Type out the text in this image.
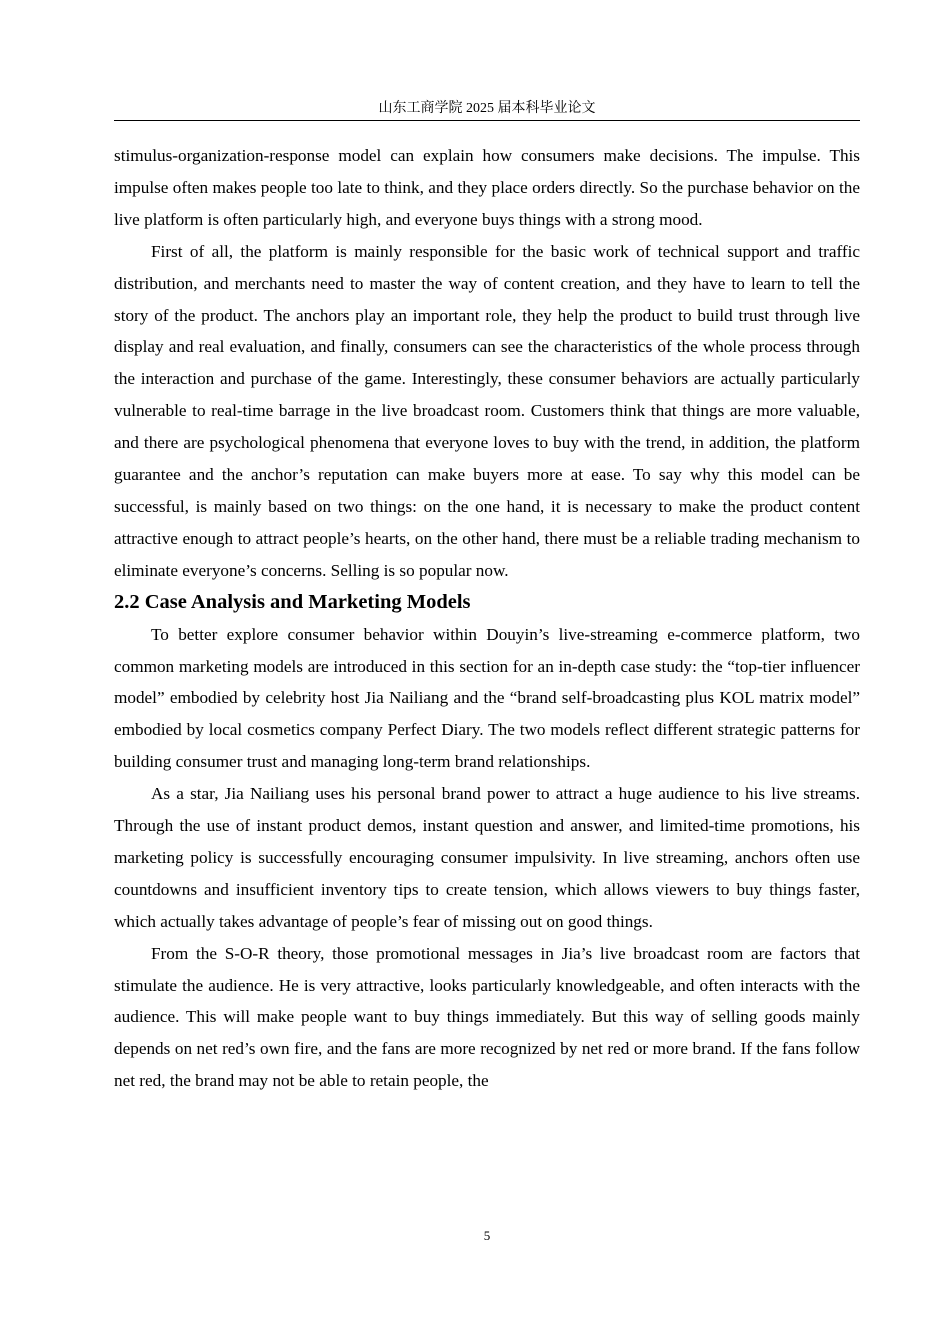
山东工商学院 2025 届本科毕业论文

stimulus-organization-response model can explain how consumers make decisions. The impulse. This impulse often makes people too late to think, and they place orders directly. So the purchase behavior on the live platform is often particularly high, and everyone buys things with a strong mood.

First of all, the platform is mainly responsible for the basic work of technical support and traffic distribution, and merchants need to master the way of content creation, and they have to learn to tell the story of the product. The anchors play an important role, they help the product to build trust through live display and real evaluation, and finally, consumers can see the characteristics of the whole process through the interaction and purchase of the game. Interestingly, these consumer behaviors are actually particularly vulnerable to real-time barrage in the live broadcast room. Customers think that things are more valuable, and there are psychological phenomena that everyone loves to buy with the trend, in addition, the platform guarantee and the anchor’s reputation can make buyers more at ease. To say why this model can be successful, is mainly based on two things: on the one hand, it is necessary to make the product content attractive enough to attract people’s hearts, on the other hand, there must be a reliable trading mechanism to eliminate everyone’s concerns. Selling is so popular now.

2.2 Case Analysis and Marketing Models

To better explore consumer behavior within Douyin’s live-streaming e-commerce platform, two common marketing models are introduced in this section for an in-depth case study: the “top-tier influencer model” embodied by celebrity host Jia Nailiang and the “brand self-broadcasting plus KOL matrix model” embodied by local cosmetics company Perfect Diary. The two models reflect different strategic patterns for building consumer trust and managing long-term brand relationships.

As a star, Jia Nailiang uses his personal brand power to attract a huge audience to his live streams. Through the use of instant product demos, instant question and answer, and limited-time promotions, his marketing policy is successfully encouraging consumer impulsivity. In live streaming, anchors often use countdowns and insufficient inventory tips to create tension, which allows viewers to buy things faster, which actually takes advantage of people’s fear of missing out on good things.

From the S-O-R theory, those promotional messages in Jia’s live broadcast room are factors that stimulate the audience. He is very attractive, looks particularly knowledgeable, and often interacts with the audience. This will make people want to buy things immediately. But this way of selling goods mainly depends on net red’s own fire, and the fans are more recognized by net red or more brand. If the fans follow net red, the brand may not be able to retain people, the

5
